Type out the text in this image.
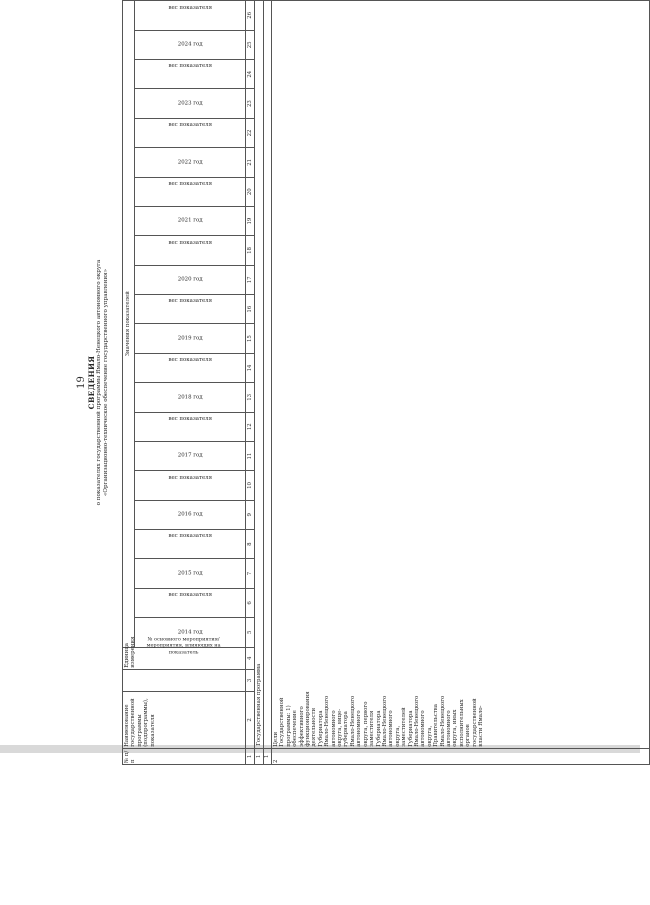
19 СВЕДЕНИЯ о показателях государственной программы Ямало-Ненецкого автономного округа «Организационно-техническое обеспечение государственного управления»
№ п/п	Наименование государственной программы (подпрограммы), показателя	№ основного мероприятия/ мероприятия, влияющих на показатель	Единица измерения	Значения показателей																					
				2014 год	вес показателя	2015 год	вес показателя	2016 год	вес показателя	2017 год	вес показателя	2018 год	вес показателя	2019 год	вес показателя	2020 год	вес показателя	2021 год	вес показателя	2022 год	вес показателя	2023 год	вес показателя	2024 год	вес показателя
1	2	3	4	5	6	7	8	9	10	11	12	13	14	15	16	17	18	19	20	21	22	23	24	25	26
1	Государственная программа																								
1																									
2	Цели Государственной программы: 1) обеспечение эффективного функционирования деятельности Губернатора Ямало-Ненецкого автономного округа, вице-губернатора Ямало-Ненецкого автономного округа, первого заместителя Губернатора Ямало-Ненецкого автономного округа, заместителей Губернатора Ямало-Ненецкого автономного округа, Правительства Ямало-Ненецкого автономного округа, иных исполнительных органов государственной власти Ямало-																								
